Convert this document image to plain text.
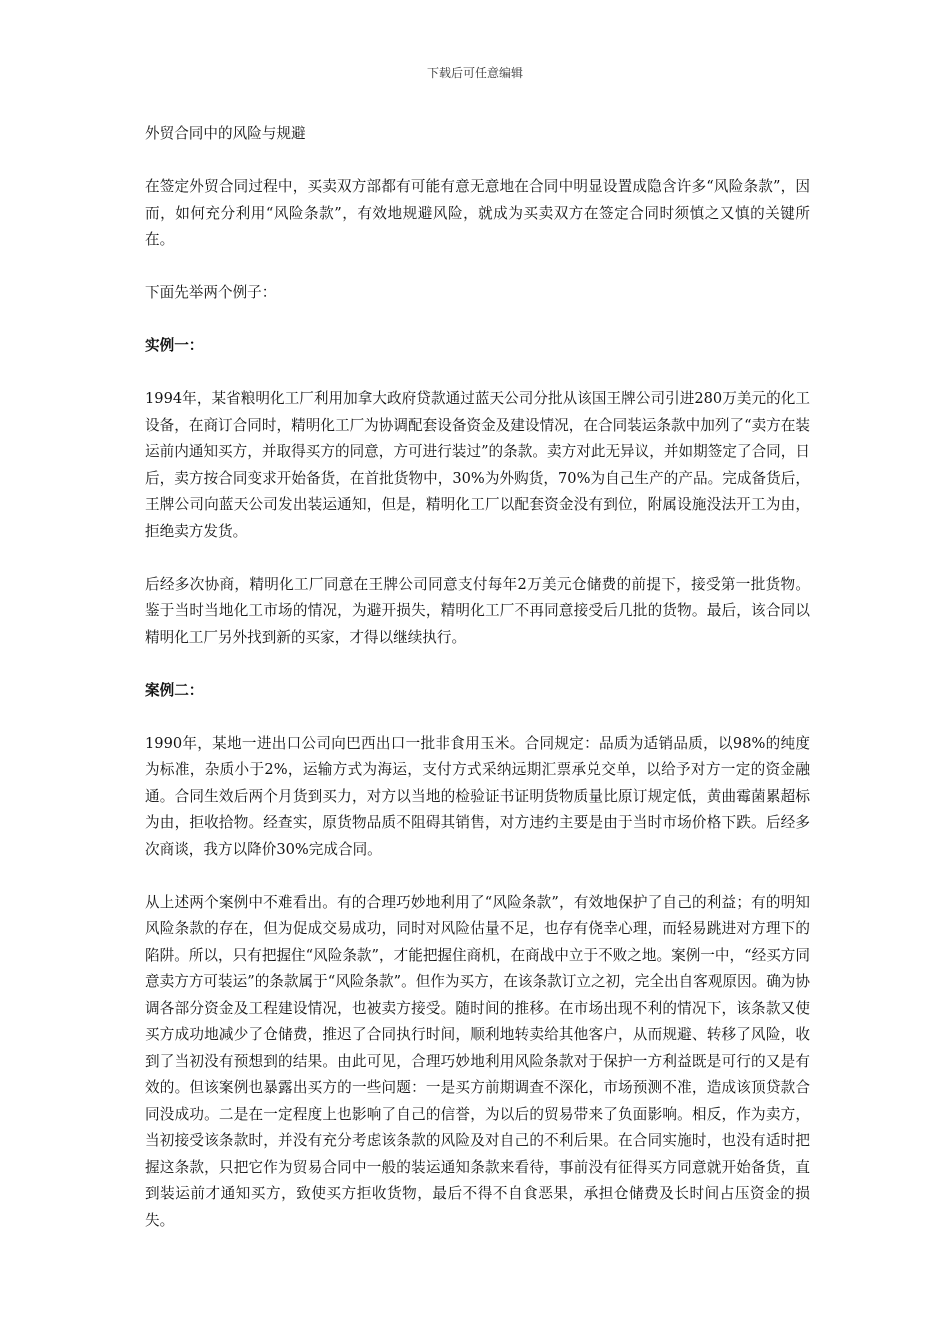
下载后可任意编辑

外贸合同中的风险与规避

在签定外贸合同过程中，买卖双方部都有可能有意无意地在合同中明显设置成隐含许多“风险条款”，因而，如何充分利用“风险条款”，有效地规避风险，就成为买卖双方在签定合同时须慎之又慎的关键所在。

下面先举两个例子：

实例一：

1994年，某省粮明化工厂利用加拿大政府贷款通过蓝天公司分批从该国王牌公司引进280万美元的化工设备，在商订合同时，精明化工厂为协调配套设备资金及建设情况，在合同装运条款中加列了“卖方在装运前内通知买方，并取得买方的同意，方可进行装过”的条款。卖方对此无异议，并如期签定了合同，日后，卖方按合同变求开始备货，在首批货物中，30%为外购货，70%为自己生产的产品。完成备货后，王牌公司向蓝天公司发出装运通知，但是，精明化工厂以配套资金没有到位，附属设施没法开工为由，拒绝卖方发货。

后经多次协商，精明化工厂同意在王牌公司同意支付每年2万美元仓储费的前提下，接受第一批货物。鉴于当时当地化工市场的情况，为避开损失，精明化工厂不再同意接受后几批的货物。最后，该合同以精明化工厂另外找到新的买家，才得以继续执行。

案例二：

1990年，某地一进出口公司向巴西出口一批非食用玉米。合同规定：品质为适销品质，以98%的纯度为标准，杂质小于2%，运输方式为海运，支付方式采纳远期汇票承兑交单，以给予对方一定的资金融通。合同生效后两个月货到买力，对方以当地的检验证书证明货物质量比原订规定低，黄曲霉菌累超标为由，拒收拾物。经查实，原货物品质不阻碍其销售，对方违约主要是由于当时市场价格下跌。后经多次商谈，我方以降价30%完成合同。

从上述两个案例中不难看出。有的合理巧妙地利用了“风险条款”，有效地保护了自己的利益；有的明知风险条款的存在，但为促成交易成功，同时对风险估量不足，也存有侥幸心理，而轻易跳进对方理下的陷阱。所以，只有把握住“风险条款”，才能把握住商机，在商战中立于不败之地。案例一中，“经买方同意卖方方可装运”的条款属于“风险条款”。但作为买方，在该条款订立之初，完全出自客观原因。确为协调各部分资金及工程建设情况，也被卖方接受。随时间的推移。在市场出现不利的情况下，该条款又使买方成功地减少了仓储费，推迟了合同执行时间，顺利地转卖给其他客户，从而规避、转移了风险，收到了当初没有预想到的结果。由此可见，合理巧妙地利用风险条款对于保护一方利益既是可行的又是有效的。但该案例也暴露出买方的一些问题：一是买方前期调查不深化，市场预测不准，造成该顶贷款合同没成功。二是在一定程度上也影响了自己的信誉，为以后的贸易带来了负面影响。相反，作为卖方，当初接受该条款时，并没有充分考虑该条款的风险及对自己的不利后果。在合同实施时，也没有适时把握这条款，只把它作为贸易合同中一般的装运通知条款来看待，事前没有征得买方同意就开始备货，直到装运前才通知买方，致使买方拒收货物，最后不得不自食恶果，承担仓储费及长时间占压资金的损失。
